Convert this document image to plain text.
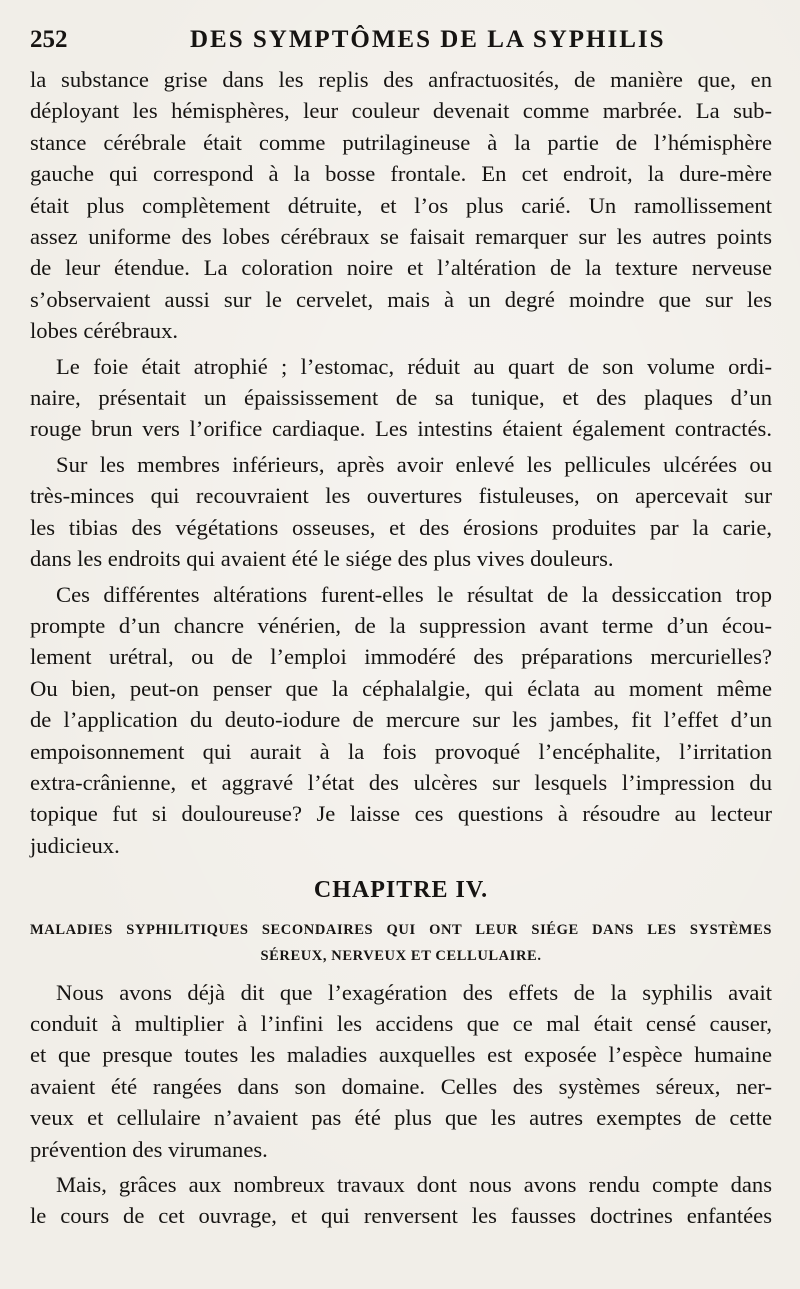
252	DES SYMPTÔMES DE LA SYPHILIS

la substance grise dans les replis des anfractuosités, de manière que, en
déployant les hémisphères, leur couleur devenait comme marbrée. La sub-
stance cérébrale était comme putrilagineuse à la partie de l’hémisphère
gauche qui correspond à la bosse frontale. En cet endroit, la dure-mère
était plus complètement détruite, et l’os plus carié. Un ramollissement
assez uniforme des lobes cérébraux se faisait remarquer sur les autres points
de leur étendue. La coloration noire et l’altération de la texture nerveuse
s’observaient aussi sur le cervelet, mais à un degré moindre que sur les
lobes cérébraux.

Le foie était atrophié ; l’estomac, réduit au quart de son volume ordi-
naire, présentait un épaississement de sa tunique, et des plaques d’un
rouge brun vers l’orifice cardiaque. Les intestins étaient également contractés.

Sur les membres inférieurs, après avoir enlevé les pellicules ulcérées ou
très-minces qui recouvraient les ouvertures fistuleuses, on apercevait sur
les tibias des végétations osseuses, et des érosions produites par la carie,
dans les endroits qui avaient été le siége des plus vives douleurs.

Ces différentes altérations furent-elles le résultat de la dessiccation trop
prompte d’un chancre vénérien, de la suppression avant terme d’un écou-
lement urétral, ou de l’emploi immodéré des préparations mercurielles?
Ou bien, peut-on penser que la céphalalgie, qui éclata au moment même
de l’application du deuto-iodure de mercure sur les jambes, fit l’effet d’un
empoisonnement qui aurait à la fois provoqué l’encéphalite, l’irritation
extra-crânienne, et aggravé l’état des ulcères sur lesquels l’impression du
topique fut si douloureuse? Je laisse ces questions à résoudre au lecteur
judicieux.

CHAPITRE IV.
MALADIES SYPHILITIQUES SECONDAIRES QUI ONT LEUR SIÉGE DANS LES SYSTÈMES
SÉREUX, NERVEUX ET CELLULAIRE.

Nous avons déjà dit que l’exagération des effets de la syphilis avait
conduit à multiplier à l’infini les accidens que ce mal était censé causer,
et que presque toutes les maladies auxquelles est exposée l’espèce humaine
avaient été rangées dans son domaine. Celles des systèmes séreux, ner-
veux et cellulaire n’avaient pas été plus que les autres exemptes de cette
prévention des virumanes.

Mais, grâces aux nombreux travaux dont nous avons rendu compte dans
le cours de cet ouvrage, et qui renversent les fausses doctrines enfantées
